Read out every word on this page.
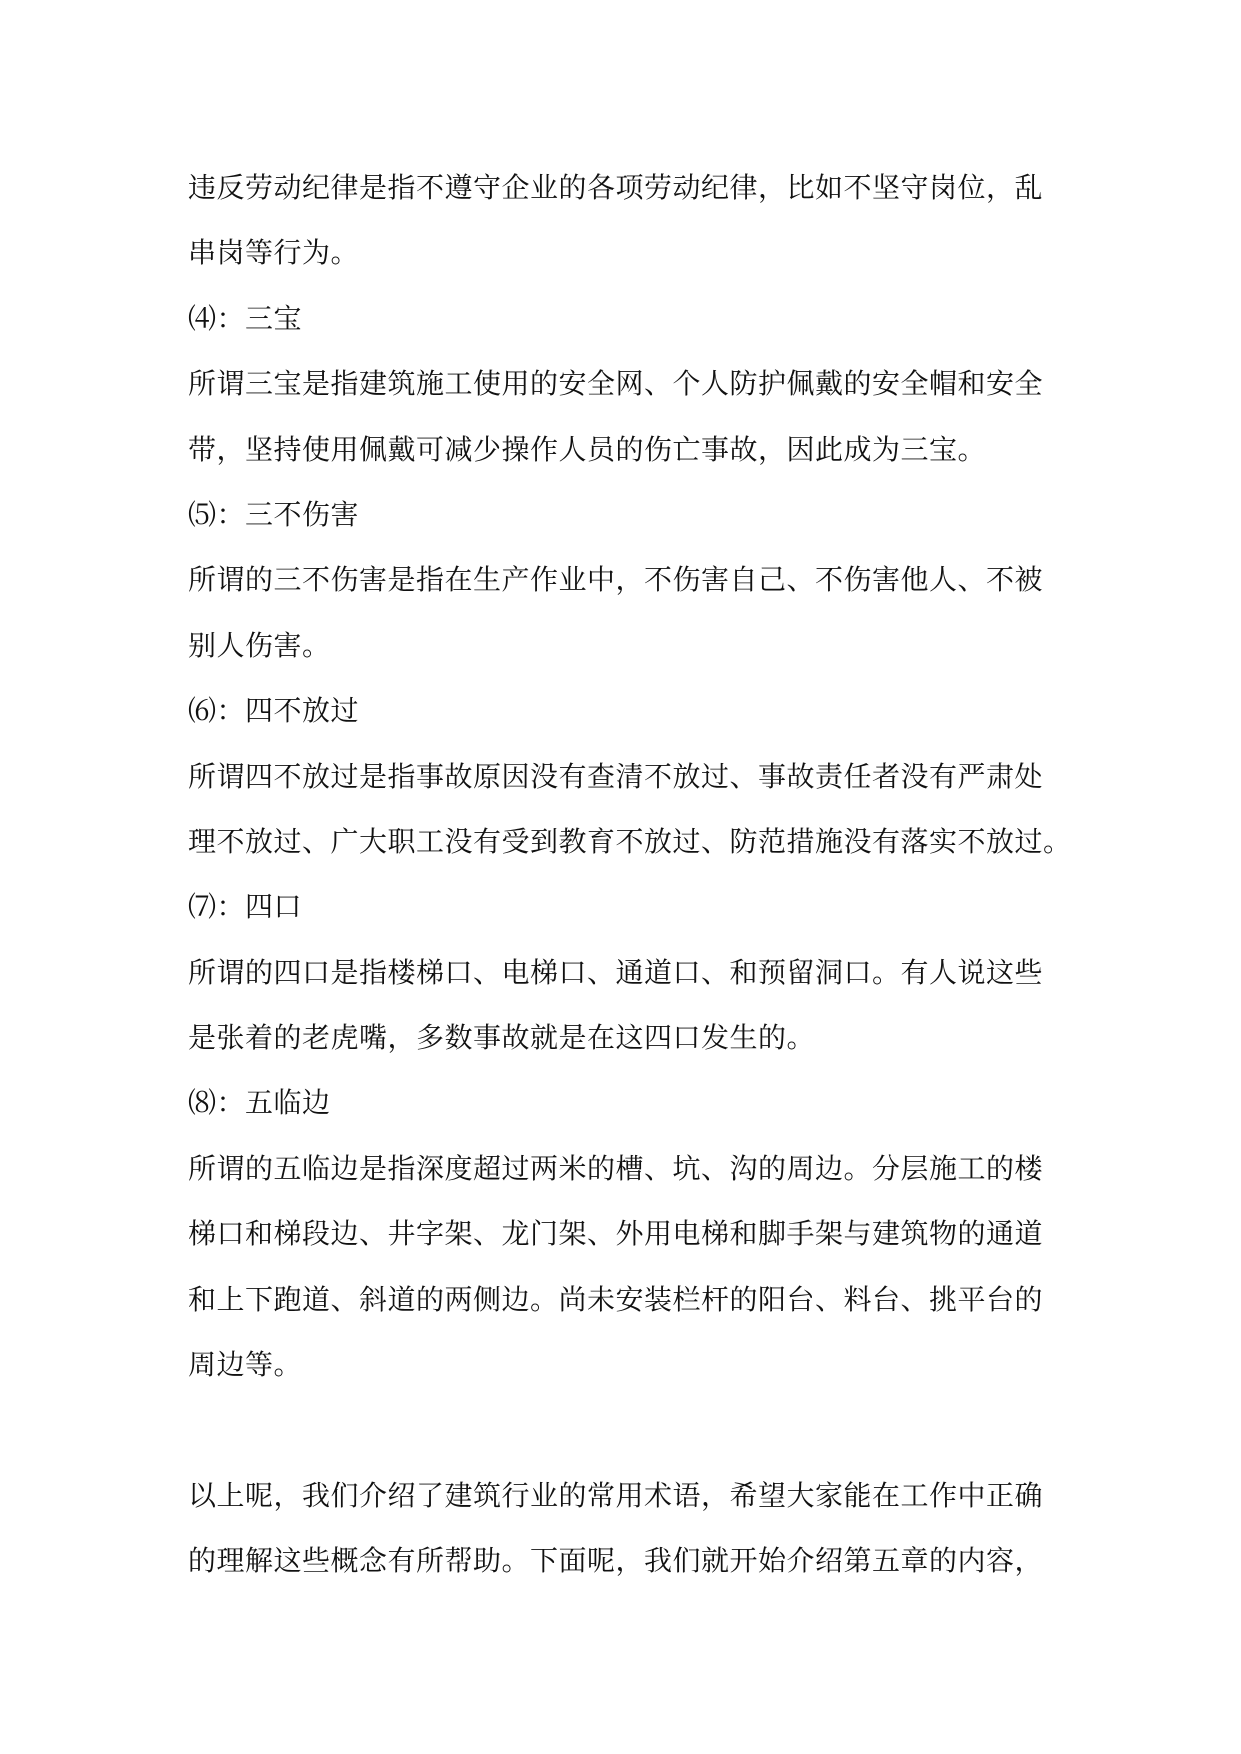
违反劳动纪律是指不遵守企业的各项劳动纪律，比如不坚守岗位，乱
串岗等行为。
⑷：三宝
所谓三宝是指建筑施工使用的安全网、个人防护佩戴的安全帽和安全
带，坚持使用佩戴可减少操作人员的伤亡事故，因此成为三宝。
⑸：三不伤害
所谓的三不伤害是指在生产作业中，不伤害自己、不伤害他人、不被
别人伤害。
⑹：四不放过
所谓四不放过是指事故原因没有查清不放过、事故责任者没有严肃处
理不放过、广大职工没有受到教育不放过、防范措施没有落实不放过。
⑺：四口
所谓的四口是指楼梯口、电梯口、通道口、和预留洞口。有人说这些
是张着的老虎嘴，多数事故就是在这四口发生的。
⑻：五临边
所谓的五临边是指深度超过两米的槽、坑、沟的周边。分层施工的楼
梯口和梯段边、井字架、龙门架、外用电梯和脚手架与建筑物的通道
和上下跑道、斜道的两侧边。尚未安装栏杆的阳台、料台、挑平台的
周边等。
以上呢，我们介绍了建筑行业的常用术语，希望大家能在工作中正确
的理解这些概念有所帮助。下面呢，我们就开始介绍第五章的内容，
